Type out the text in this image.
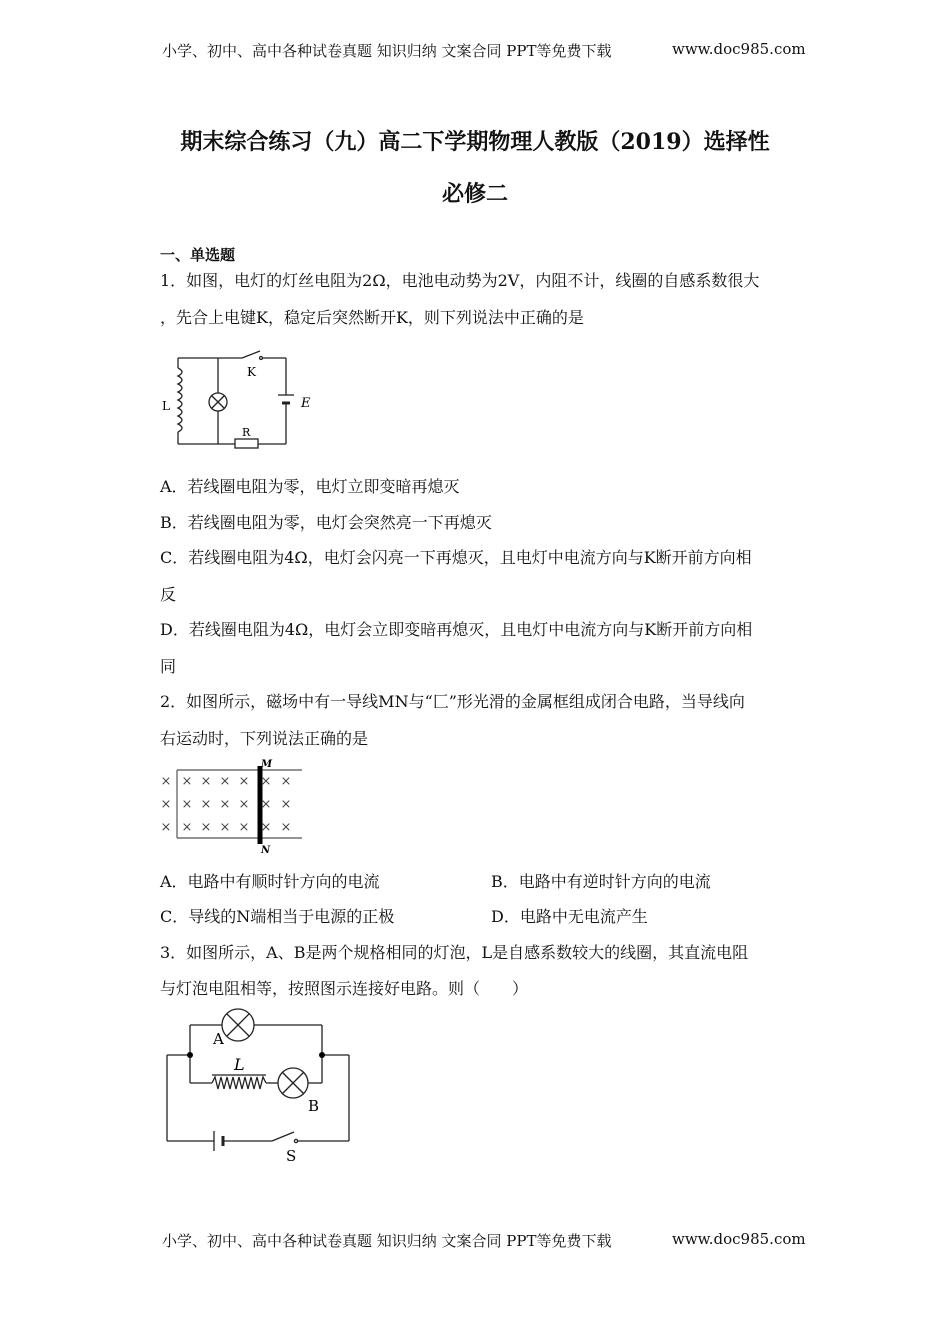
小学、初中、高中各种试卷真题 知识归纳 文案合同 PPT等免费下载	www.doc985.com
期末综合练习（九）高二下学期物理人教版（2019）选择性
必修二
一、单选题
1．如图，电灯的灯丝电阻为2Ω，电池电动势为2V，内阻不计，线圈的自感系数很大
，先合上电键K，稳定后突然断开K，则下列说法中正确的是
L
K
E
R
A．若线圈电阻为零，电灯立即变暗再熄灭
B．若线圈电阻为零，电灯会突然亮一下再熄灭
C．若线圈电阻为4Ω，电灯会闪亮一下再熄灭，且电灯中电流方向与K断开前方向相
反
D．若线圈电阻为4Ω，电灯会立即变暗再熄灭，且电灯中电流方向与K断开前方向相
同
2．如图所示，磁场中有一导线MN与“匚”形光滑的金属框组成闭合电路，当导线向
右运动时，下列说法正确的是
× × × × × × ×
× × × × × × ×
× × × × × × ×
M
N
A．电路中有顺时针方向的电流	B．电路中有逆时针方向的电流
C．导线的N端相当于电源的正极	D．电路中无电流产生
3．如图所示，A、B是两个规格相同的灯泡，L是自感系数较大的线圈，其直流电阻
与灯泡电阻相等，按照图示连接好电路。则（　　）
A
L
B
S
小学、初中、高中各种试卷真题 知识归纳 文案合同 PPT等免费下载	www.doc985.com
